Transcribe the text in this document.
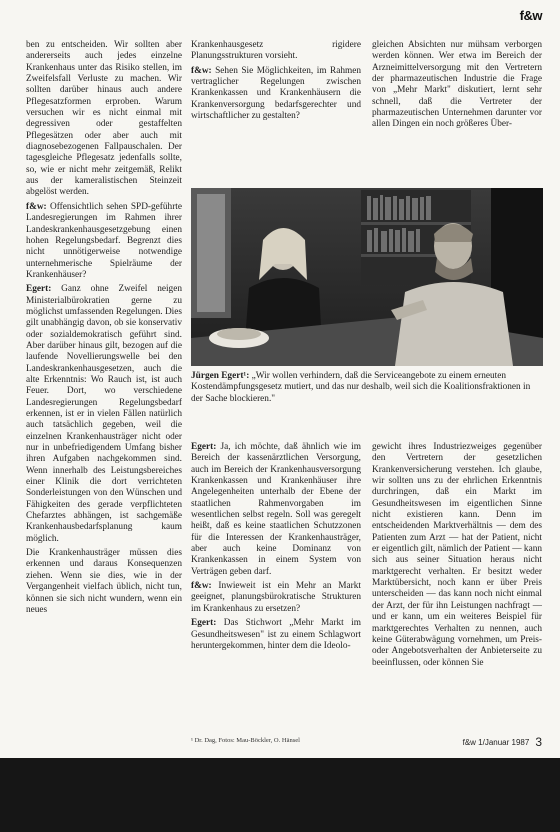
f&w

ben zu entscheiden. Wir sollten aber andererseits auch jedes einzelne Krankenhaus unter das Risiko stellen, im Zweifelsfall Verluste zu machen. Wir sollten darüber hinaus auch andere Pflegesatzformen erproben. Warum versuchen wir es nicht einmal mit degressiven oder gestaffelten Pflegesätzen oder aber auch mit diagnosebezogenen Fallpauschalen. Der tagesgleiche Pflegesatz jedenfalls sollte, so, wie er nicht mehr zeitgemäß, Relikt aus der kameralistischen Steinzeit abgelöst werden.

f&w: Offensichtlich sehen SPD-geführte Landesregierungen im Rahmen ihrer Landeskrankenhausgesetzgebung einen hohen Regelungsbedarf. Begrenzt dies nicht unnötigerweise notwendige unternehmerische Spielräume der Krankenhäuser?

Egert: Ganz ohne Zweifel neigen Ministerialbürokratien gerne zu möglichst umfassenden Regelungen. Dies gilt unabhängig davon, ob sie konservativ oder sozialdemokratisch geführt sind. Aber darüber hinaus gilt, bezogen auf die laufende Novellierungswelle bei den Landeskrankenhausgesetzen, auch die alte Erkenntnis: Wo Rauch ist, ist auch Feuer. Dort, wo verschiedene Landesregierungen Regelungsbedarf erkennen, ist er in vielen Fällen natürlich auch tatsächlich gegeben, weil die einzelnen Krankenhausträger nicht oder nur in unbefriedigendem Umfang bisher ihren Aufgaben nachgekommen sind. Wenn innerhalb des Leistungsbereiches einer Klinik die dort verrichteten Sonderleistungen von den Wünschen und Fähigkeiten des gerade verpflichteten Chefarztes abhängen, ist sachgemäße Krankenhausbedarfsplanung kaum möglich.

Die Krankenhausträger müssen dies erkennen und daraus Konsequenzen ziehen. Wenn sie dies, wie in der Vergangenheit vielfach üblich, nicht tun, können sie sich nicht wundern, wenn ein neues

Krankenhausgesetz rigidere Planungsstrukturen vorsieht.

f&w: Sehen Sie Möglichkeiten, im Rahmen vertraglicher Regelungen zwischen Krankenkassen und Krankenhäusern die Krankenversorgung bedarfsgerechter und wirtschaftlicher zu gestalten?

gleichen Absichten nur mühsam verborgen werden können. Wer etwa im Bereich der Arzneimittelversorgung mit den Vertretern der pharmazeutischen Industrie die Frage von „Mehr Markt" diskutiert, lernt sehr schnell, daß die Vertreter der pharmazeutischen Unternehmen darunter vor allen Dingen ein noch größeres Über-

Jürgen Egert¹: „Wir wollen verhindern, daß die Serviceangebote zu einem erneuten Kostendämpfungsgesetz mutiert, und das nur deshalb, weil sich die Koalitionsfraktionen in der Sache blockieren."

Egert: Ja, ich möchte, daß ähnlich wie im Bereich der kassenärztlichen Versorgung, auch im Bereich der Krankenhausversorgung Krankenkassen und Krankenhäuser ihre Angelegenheiten unterhalb der Ebene der staatlichen Rahmenvorgaben im wesentlichen selbst regeln. Soll was geregelt heißt, daß es keine staatlichen Schutzzonen für die Interessen der Krankenhausträger, aber auch keine Dominanz von Krankenkassen in einem System von Verträgen geben darf.

f&w: Inwieweit ist ein Mehr an Markt geeignet, planungsbürokratische Strukturen im Krankenhaus zu ersetzen?

Egert: Das Stichwort „Mehr Markt im Gesundheitswesen" ist zu einem Schlagwort heruntergekommen, hinter dem die Ideolo-

gewicht ihres Industriezweiges gegenüber den Vertretern der gesetzlichen Krankenversicherung verstehen. Ich glaube, wir sollten uns zu der ehrlichen Erkenntnis durchringen, daß ein Markt im Gesundheitswesen im eigentlichen Sinne nicht existieren kann. Denn im entscheidenden Marktverhältnis — dem des Patienten zum Arzt — hat der Patient, nicht er eigentlich gilt, nämlich der Patient — kann sich aus seiner Situation heraus nicht marktgerecht verhalten. Er besitzt weder Marktübersicht, noch kann er über Preis unterscheiden — das kann noch nicht einmal der Arzt, der für ihn Leistungen nachfragt — und er kann, um ein weiteres Beispiel für marktgerechtes Verhalten zu nennen, auch keine Güterabwägung vornehmen, um Preis- oder Angebotsverhalten der Anbieterseite zu beeinflussen, oder können Sie

¹ Dr. Dag, Fotos: Mau-Böckler, O. Hänsel	f&w 1/Januar 1987 3
